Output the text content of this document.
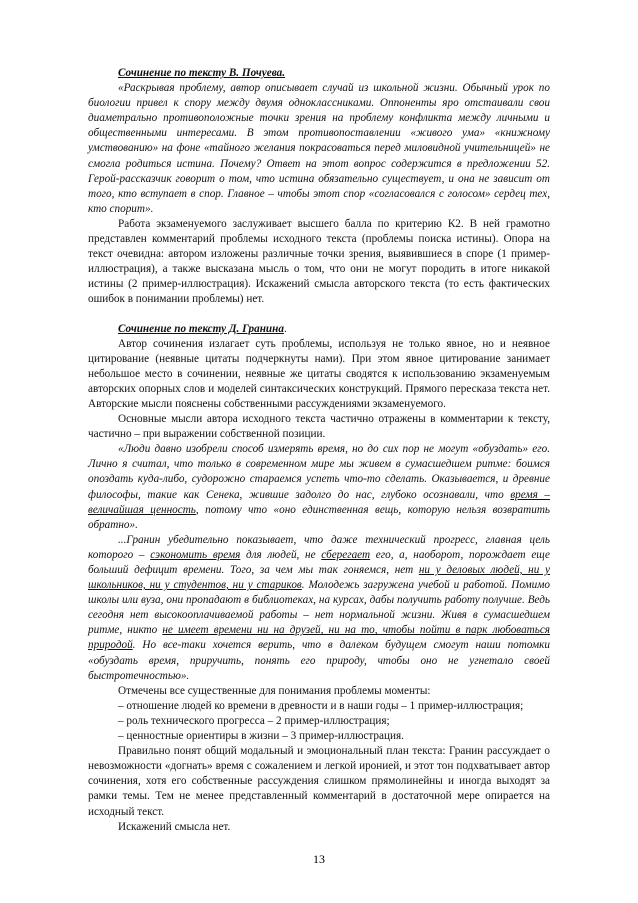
Сочинение по тексту В. Почуева.

«Раскрывая проблему, автор описывает случай из школьной жизни. Обычный урок по биологии привел к спору между двумя одноклассниками. Оппоненты яро отстаивали свои диаметрально противоположные точки зрения на проблему конфликта между личными и общественными интересами. В этом противопоставлении «живого ума» «книжному умствованию» на фоне «тайного желания покрасоваться перед миловидной учительницей» не смогла родиться истина. Почему? Ответ на этот вопрос содержится в предложении 52. Герой-рассказчик говорит о том, что истина обязательно существует, и она не зависит от того, кто вступает в спор. Главное – чтобы этот спор «согласовался с голосом» сердец тех, кто спорит».

Работа экзаменуемого заслуживает высшего балла по критерию К2. В ней грамотно представлен комментарий проблемы исходного текста (проблемы поиска истины). Опора на текст очевидна: автором изложены различные точки зрения, выявившиеся в споре (1 пример-иллюстрация), а также высказана мысль о том, что они не могут породить в итоге никакой истины (2 пример-иллюстрация). Искажений смысла авторского текста (то есть фактических ошибок в понимании проблемы) нет.

Сочинение по тексту Д. Гранина.

Автор сочинения излагает суть проблемы, используя не только явное, но и неявное цитирование (неявные цитаты подчеркнуты нами). При этом явное цитирование занимает небольшое место в сочинении, неявные же цитаты сводятся к использованию экзаменуемым авторских опорных слов и моделей синтаксических конструкций. Прямого пересказа текста нет. Авторские мысли пояснены собственными рассуждениями экзаменуемого.

Основные мысли автора исходного текста частично отражены в комментарии к тексту, частично – при выражении собственной позиции.

«Люди давно изобрели способ измерять время, но до сих пор не могут «обуздать» его. Лично я считал, что только в современном мире мы живем в сумасшедшем ритме: боимся опоздать куда-либо, судорожно стараемся успеть что-то сделать. Оказывается, и древние философы, такие как Сенека, жившие задолго до нас, глубоко осознавали, что время – величайшая ценность, потому что «оно единственная вещь, которую нельзя возвратить обратно».

...Гранин убедительно показывает, что даже технический прогресс, главная цель которого – сэкономить время для людей, не сберегает его, а, наоборот, порождает еще больший дефицит времени. Тогo, за чем мы так гоняемся, нет ни у деловых людей, ни у школьников, ни у студентов, ни у стариков. Молодежь загружена учебой и работой. Помимо школы или вуза, они пропадают в библиотеках, на курсах, дабы получить работу получше. Ведь сегодня нет высокооплачиваемой работы – нет нормальной жизни. Живя в сумасшедшем ритме, никто не имеет времени ни на друзей, ни на то, чтобы пойти в парк любоваться природой. Но все-таки хочется верить, что в далеком будущем смогут наши потомки «обуздать время, приручить, понять его природу, чтобы оно не угнетало своей быстротечностью».

Отмечены все существенные для понимания проблемы моменты:

– отношение людей ко времени в древности и в наши годы – 1 пример-иллюстрация;

– роль технического прогресса – 2 пример-иллюстрация;

– ценностные ориентиры в жизни – 3 пример-иллюстрация.

Правильно понят общий модальный и эмоциональный план текста: Гранин рассуждает о невозможности «догнать» время с сожалением и легкой иронией, и этот тон подхватывает автор сочинения, хотя его собственные рассуждения слишком прямолинейны и иногда выходят за рамки темы. Тем не менее представленный комментарий в достаточной мере опирается на исходный текст.

Искажений смысла нет.

13
